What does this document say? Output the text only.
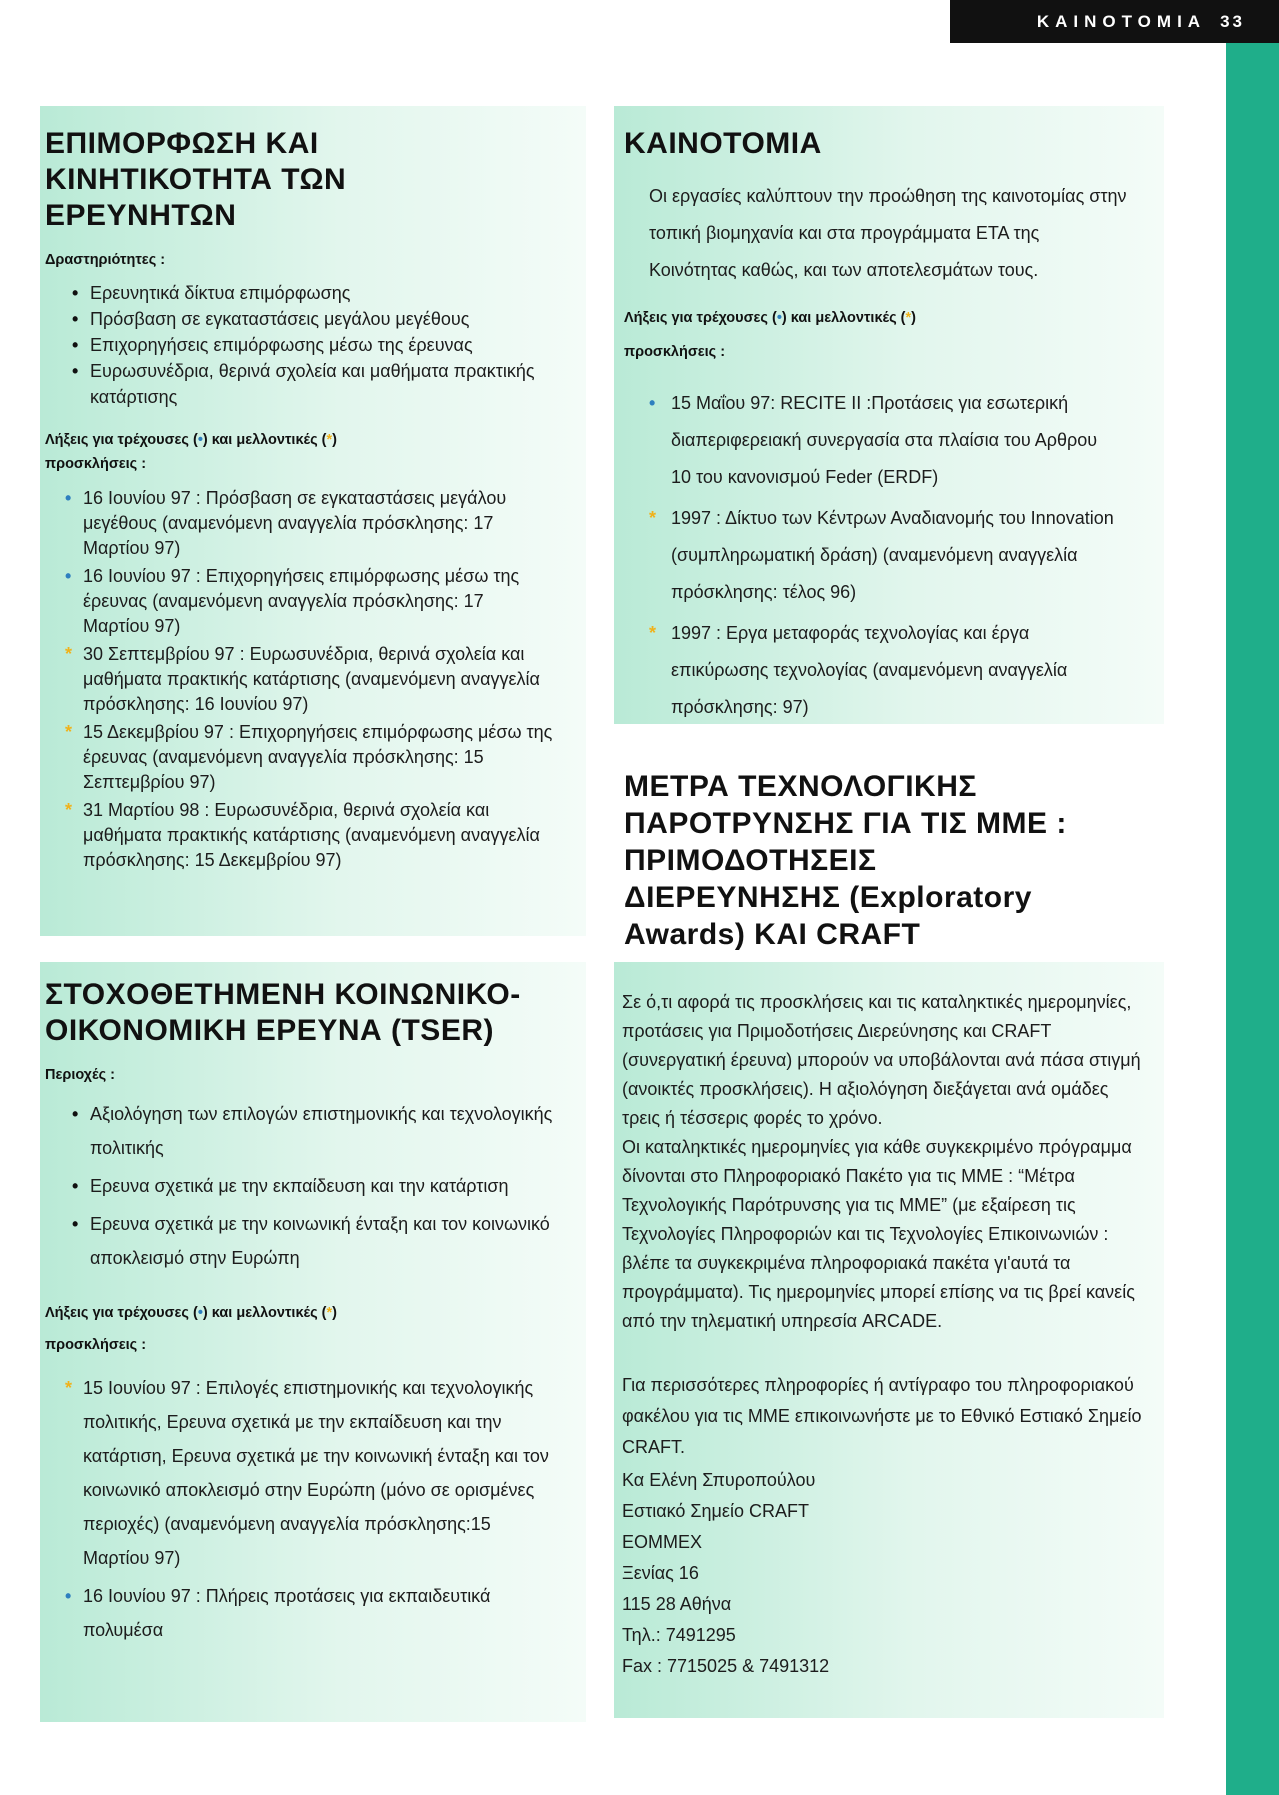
ΚΑΙΝΟΤΟΜΙΑ 33
ΕΠΙΜΟΡΦΩΣΗ ΚΑΙ
ΚΙΝΗΤΙΚΟΤΗΤΑ ΤΩΝ
ΕΡΕΥΝΗΤΩΝ

Δραστηριότητες :

• Ερευνητικά δίκτυα επιμόρφωσης
• Πρόσβαση σε εγκαταστάσεις μεγάλου μεγέθους
• Επιχορηγήσεις επιμόρφωσης μέσω της έρευνας
• Ευρωσυνέδρια, θερινά σχολεία και μαθήματα πρακτικής κατάρτισης

Λήξεις για τρέχουσες (•) και μελλοντικές (*)
προσκλήσεις :

• 16 Ιουνίου 97 : Πρόσβαση σε εγκαταστάσεις μεγάλου μεγέθους (αναμενόμενη αναγγελία πρόσκλησης: 17 Μαρτίου 97)
• 16 Ιουνίου 97 : Επιχορηγήσεις επιμόρφωσης μέσω της έρευνας (αναμενόμενη αναγγελία πρόσκλησης: 17 Μαρτίου 97)
* 30 Σεπτεμβρίου 97 : Ευρωσυνέδρια, θερινά σχολεία και μαθήματα πρακτικής κατάρτισης (αναμενόμενη αναγγελία πρόσκλησης: 16 Ιουνίου 97)
* 15 Δεκεμβρίου 97 : Επιχορηγήσεις επιμόρφωσης μέσω της έρευνας (αναμενόμενη αναγγελία πρόσκλησης: 15 Σεπτεμβρίου 97)
* 31 Μαρτίου 98 : Ευρωσυνέδρια, θερινά σχολεία και μαθήματα πρακτικής κατάρτισης (αναμενόμενη αναγγελία πρόσκλησης: 15 Δεκεμβρίου 97)
ΣΤΟΧΟΘΕΤΗΜΕΝΗ ΚΟΙΝΩΝΙΚΟ-
ΟΙΚΟΝΟΜΙΚΗ ΕΡΕΥΝΑ (TSER)

Περιοχές :

• Αξιολόγηση των επιλογών επιστημονικής και τεχνολογικής πολιτικής
• Ερευνα σχετικά με την εκπαίδευση και την κατάρτιση
• Ερευνα σχετικά με την κοινωνική ένταξη και τον κοινωνικό αποκλεισμό στην Ευρώπη

Λήξεις για τρέχουσες (•) και μελλοντικές (*)
προσκλήσεις :

* 15 Ιουνίου 97 : Επιλογές επιστημονικής και τεχνολογικής πολιτικής, Ερευνα σχετικά με την εκπαίδευση και την κατάρτιση, Ερευνα σχετικά με την κοινωνική ένταξη και τον κοινωνικό αποκλεισμό στην Ευρώπη (μόνο σε ορισμένες περιοχές) (αναμενόμενη αναγγελία πρόσκλησης:15 Μαρτίου 97)
• 16 Ιουνίου 97 : Πλήρεις προτάσεις για εκπαιδευτικά πολυμέσα
ΚΑΙΝΟΤΟΜΙΑ

Οι εργασίες καλύπτουν την προώθηση της καινοτομίας στην τοπική βιομηχανία και στα προγράμματα ΕΤΑ της Κοινότητας καθώς, και των αποτελεσμάτων τους.

Λήξεις για τρέχουσες (•) και μελλοντικές (*)
προσκλήσεις :

• 15 Μαΐου 97: RECITE II :Προτάσεις για εσωτερική διαπεριφερειακή συνεργασία στα πλαίσια του Αρθρου 10 του κανονισμού Feder (ERDF)
* 1997 : Δίκτυο των Κέντρων Αναδιανομής του Innovation (συμπληρωματική δράση) (αναμενόμενη αναγγελία πρόσκλησης: τέλος 96)
* 1997 : Εργα μεταφοράς τεχνολογίας και έργα επικύρωσης τεχνολογίας (αναμενόμενη αναγγελία πρόσκλησης: 97)
ΜΕΤΡΑ ΤΕΧΝΟΛΟΓΙΚΗΣ
ΠΑΡΟΤΡΥΝΣΗΣ ΓΙΑ ΤΙΣ ΜΜΕ :
ΠΡΙΜΟΔΟΤΗΣΕΙΣ
ΔΙΕΡΕΥΝΗΣΗΣ (Exploratory
Awards) ΚΑΙ CRAFT

Σε ό,τι αφορά τις προσκλήσεις και τις καταληκτικές ημερομηνίες, προτάσεις για Πριμοδοτήσεις Διερεύνησης και CRAFT (συνεργατική έρευνα) μπορούν να υποβάλονται ανά πάσα στιγμή (ανοικτές προσκλήσεις). Η αξιολόγηση διεξάγεται ανά ομάδες τρεις ή τέσσερις φορές το χρόνο.

Οι καταληκτικές ημερομηνίες για κάθε συγκεκριμένο πρόγραμμα δίνονται στο Πληροφοριακό Πακέτο για τις ΜΜΕ : “Μέτρα Τεχνολογικής Παρότρυνσης για τις ΜΜΕ” (με εξαίρεση τις Τεχνολογίες Πληροφοριών και τις Τεχνολογίες Επικοινωνιών : βλέπε τα συγκεκριμένα πληροφοριακά πακέτα γι'αυτά τα προγράμματα). Τις ημερομηνίες μπορεί επίσης να τις βρεί κανείς από την τηλεματική υπηρεσία ARCADE.

Για περισσότερες πληροφορίες ή αντίγραφο του πληροφοριακού φακέλου για τις ΜΜΕ επικοινωνήστε με το Εθνικό Εστιακό Σημείο CRAFT.

Κα Ελένη Σπυροπούλου

Εστιακό Σημείο CRAFT

ΕΟΜΜΕΧ

Ξενίας 16

115 28 Αθήνα

Τηλ.: 7491295

Fax : 7715025 & 7491312
